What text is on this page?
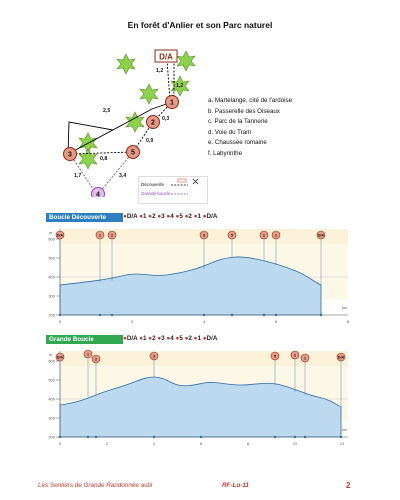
En forêt d'Anlier et son Parc naturel
D/A
1
2
3
4
5
1,2
1,2
2,5
0,3
0,9
0,8
1,7	3,4
Découverte
Grande boucle
a. Martelange, cité de l'ardoise
b. Passerelle des Oiseaux
c. Parc de la Tannerie
d. Voie du Tram
e. Chaussée romaine
f. Labyrinthe
Boucle Découverte	●D/A ●1 ●2 ●3 ●4 ●5 ●2 ●1 ●D/A
200
300
400
500
600
m
0	2	4	6	8
km
D/A	1	2	3	5	2	1	D/A
Grande Boucle	●D/A ●1 ●2 ●3 ●4 ●5 ●2 ●1 ●D/A
200
300
400
500
600
m
0	2	4	6	8	10	12
km
D/A
1
2
3	5	2
1	D/A
Les Sentiers de Grande Randonnée asbl	RF-Lu-11	2
